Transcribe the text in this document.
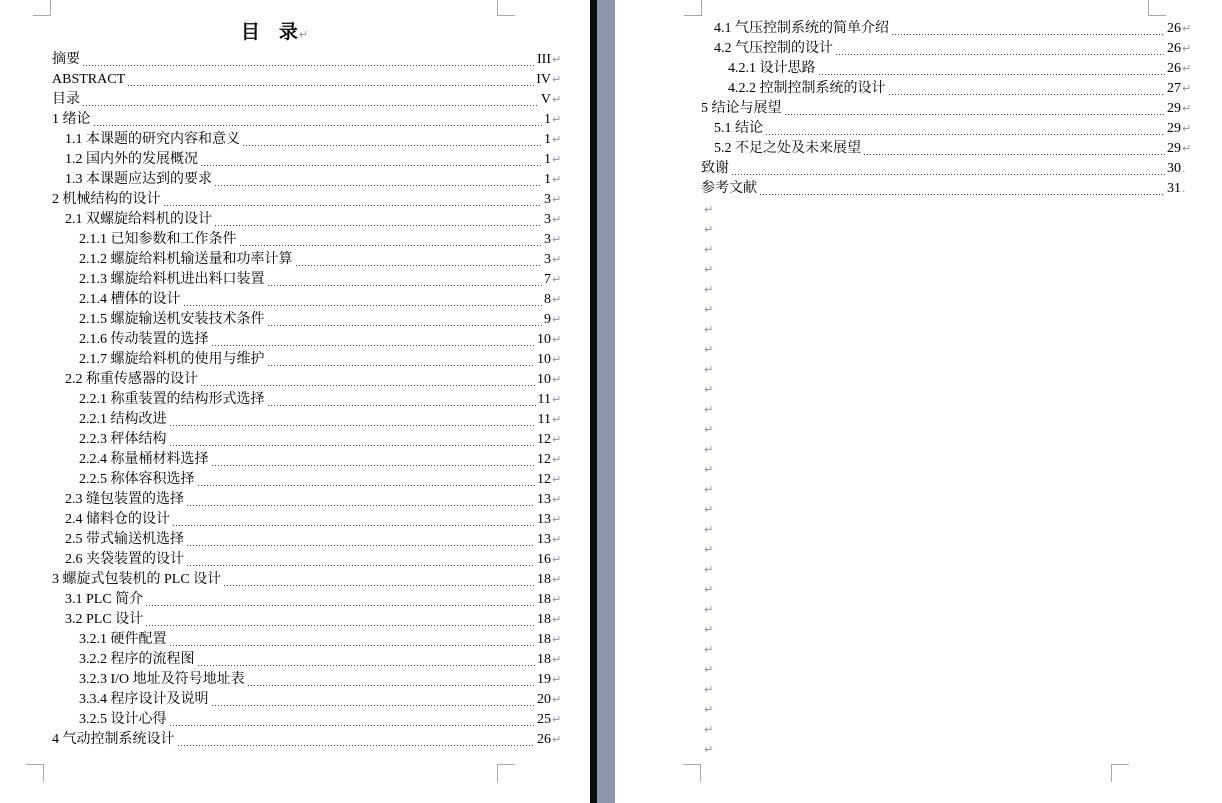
目　录↵
摘要	III ↵
ABSTRACT	IV ↵
目录	V ↵
1 绪论	1 ↵
1.1 本课题的研究内容和意义	1 ↵
1.2 国内外的发展概况	1 ↵
1.3 本课题应达到的要求	1 ↵
2 机械结构的设计	3 ↵
2.1 双螺旋给料机的设计	3 ↵
2.1.1 已知参数和工作条件	3 ↵
2.1.2 螺旋给料机输送量和功率计算	3 ↵
2.1.3 螺旋给料机进出料口装置	7 ↵
2.1.4 槽体的设计	8 ↵
2.1.5 螺旋输送机安装技术条件	9 ↵
2.1.6 传动装置的选择	10 ↵
2.1.7 螺旋给料机的使用与维护	10 ↵
2.2 称重传感器的设计	10 ↵
2.2.1 称重装置的结构形式选择	11 ↵
2.2.1 结构改进	11 ↵
2.2.3 秤体结构	12 ↵
2.2.4 称量桶材料选择	12 ↵
2.2.5 称体容积选择	12 ↵
2.3 缝包装置的选择	13 ↵
2.4 储料仓的设计	13 ↵
2.5 带式输送机选择	13 ↵
2.6 夹袋装置的设计	16 ↵
3 螺旋式包装机的 PLC 设计	18 ↵
3.1 PLC 简介	18 ↵
3.2 PLC 设计	18 ↵
3.2.1 硬件配置	18 ↵
3.2.2 程序的流程图	18 ↵
3.2.3 I/O 地址及符号地址表	19 ↵
3.3.4 程序设计及说明	20 ↵
3.2.5 设计心得	25 ↵
4 气动控制系统设计	26 ↵
4.1 气压控制系统的简单介绍	26 ↵
4.2 气压控制的设计	26 ↵
4.2.1 设计思路	26 ↵
4.2.2 控制控制系统的设计	27 ↵
5 结论与展望	29 ↵
5.1 结论	29 ↵
5.2 不足之处及未来展望	29 ↵
致谢	30 .
参考文献	31 .
↵
↵
↵
↵
↵
↵
↵
↵
↵
↵
↵
↵
↵
↵
↵
↵
↵
↵
↵
↵
↵
↵
↵
↵
↵
↵
↵
↵
